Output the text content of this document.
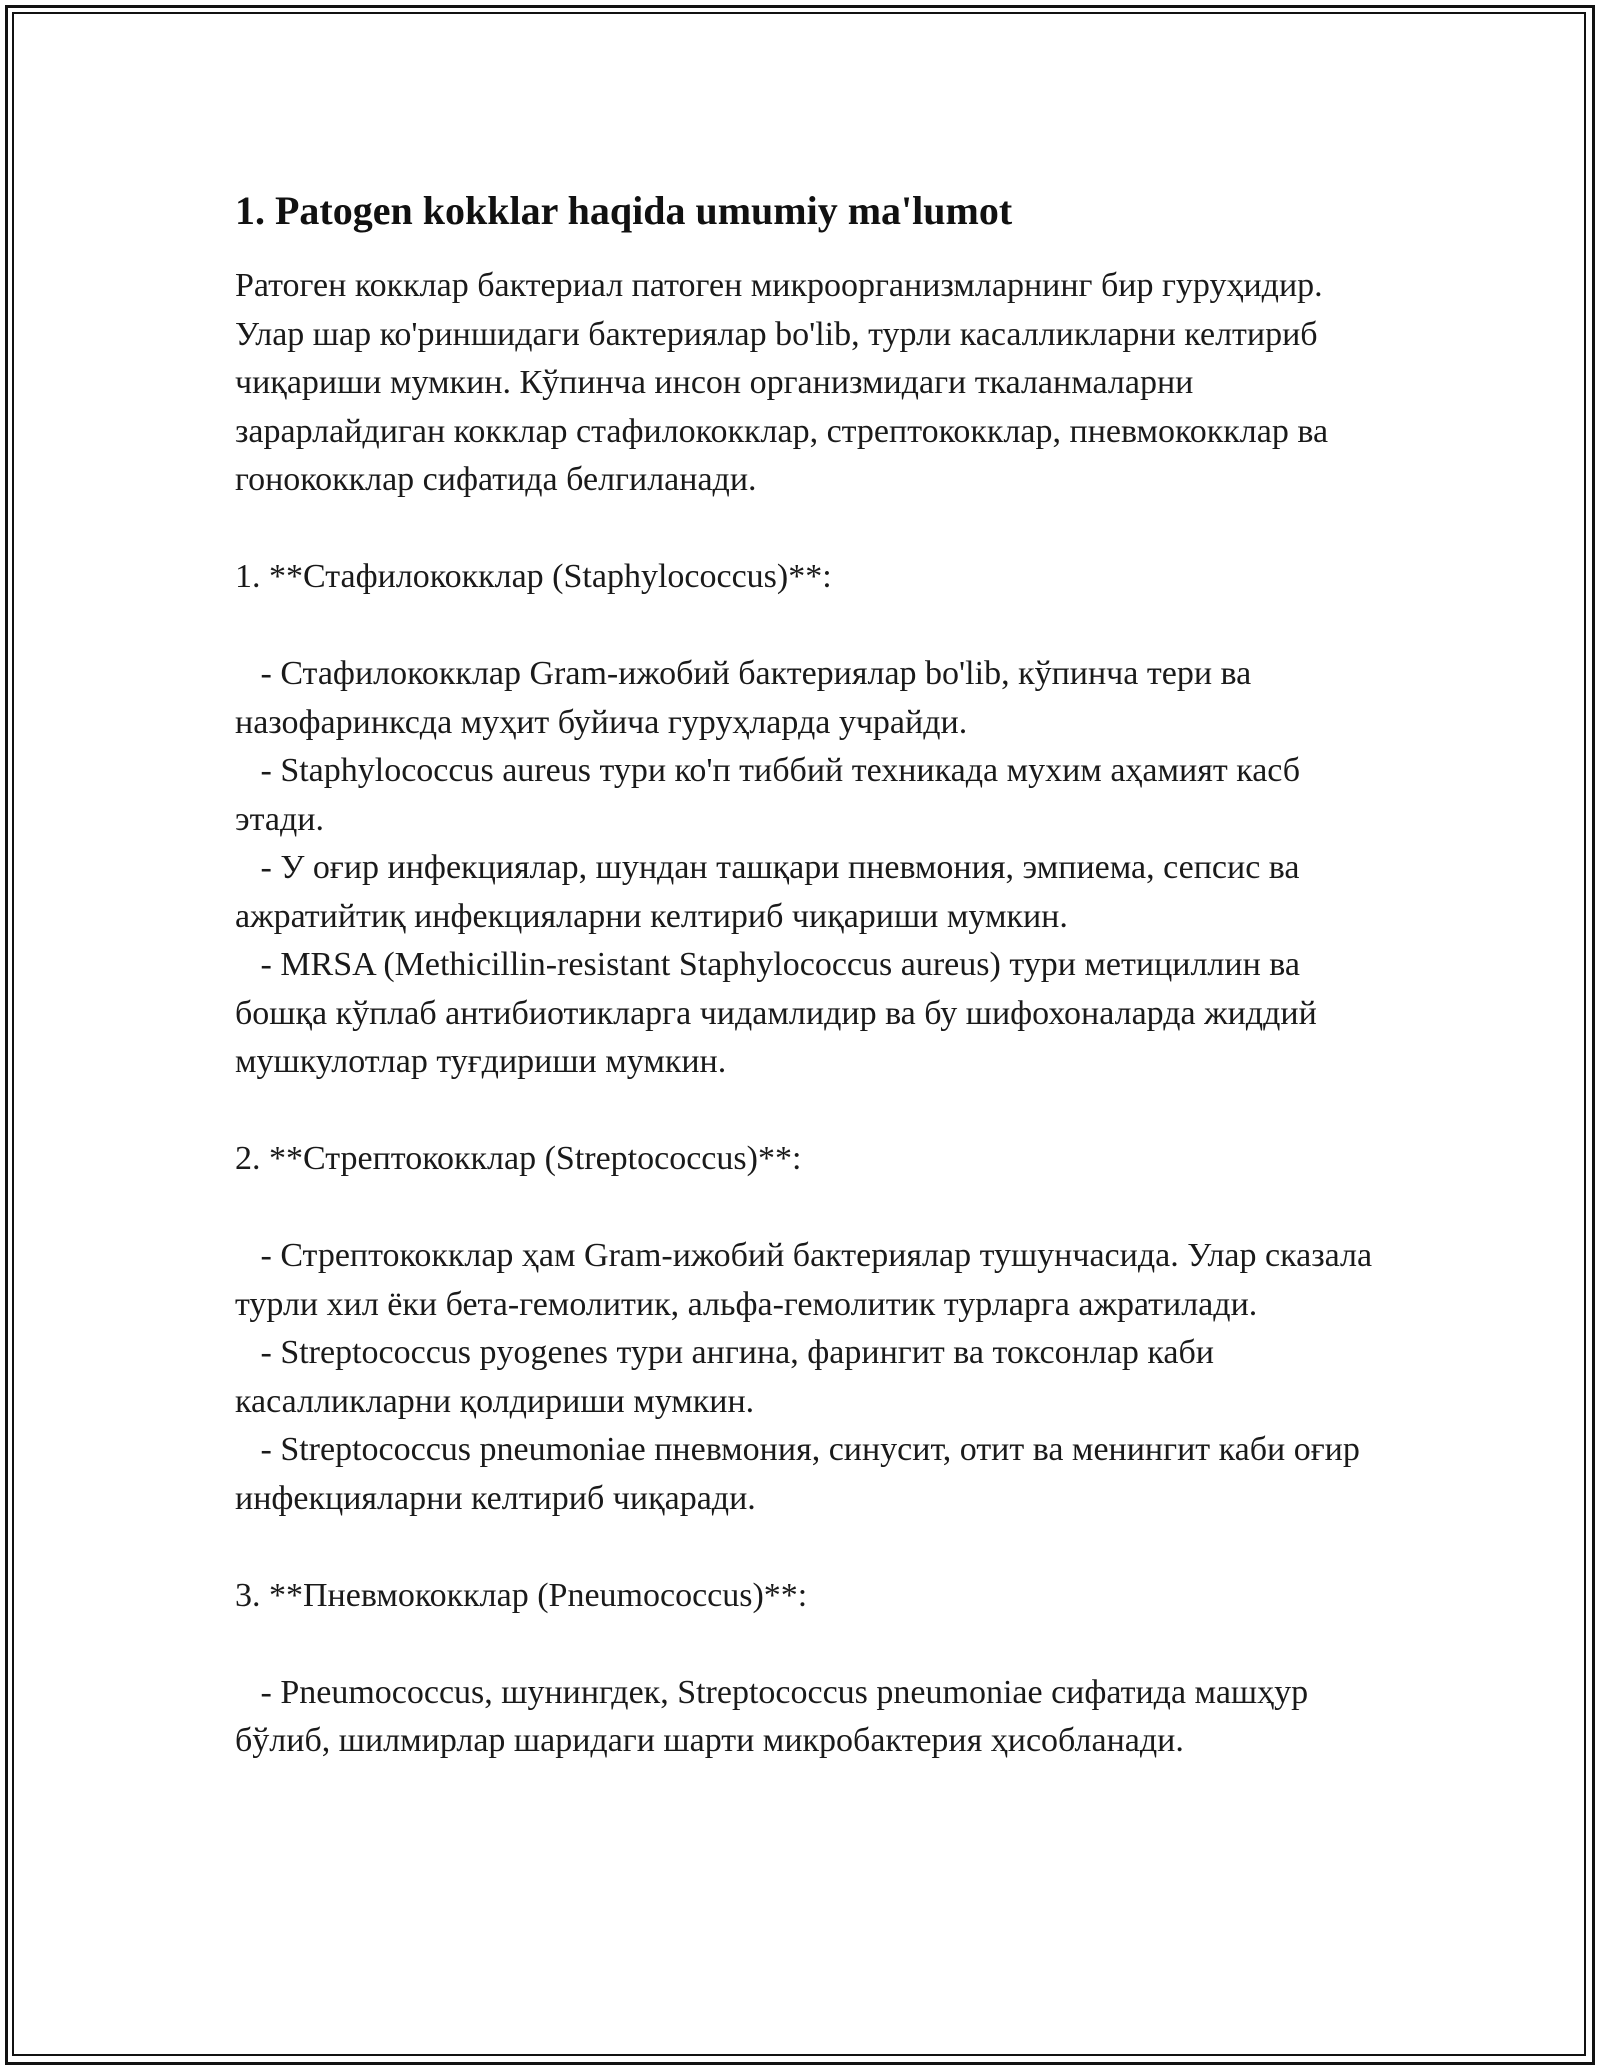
1. Patogen kokklar haqida umumiy ma'lumot

Ратоген кокклар бактериал патоген микроорганизмларнинг бир гуруҳидир. Улар шар ко'риншидаги бактериялар bo'lib, турли касалликларни келтириб чиқариши мумкин. Кўпинча инсон организмидаги ткаланмаларни зарарлайдиган кокклар стафилококклар, стрептококклар, пневмококклар ва гонококклар сифатида белгиланади.

1. **Стафилококклар (Staphylococcus)**:

- Стафилококклар Gram-ижобий бактериялар bo'lib, кўпинча тери ва назофаринксда муҳит буйича гуруҳларда учрайди.
- Staphylococcus aureus тури ко'п тиббий техникада мухим аҳамият касб этади.
- У оғир инфекциялар, шундан ташқари пневмония, эмпиема, сепсис ва ажратийтиқ инфекцияларни келтириб чиқариши мумкин.
- MRSA (Methicillin-resistant Staphylococcus aureus) тури метициллин ва бошқа кўплаб антибиотикларга чидамлидир ва бу шифохоналарда жиддий мушкулотлар туғдириши мумкин.

2. **Стрептококклар (Streptococcus)**:

- Стрептококклар ҳам Gram-ижобий бактериялар тушунчасида. Улар сказала турли хил ёки бета-гемолитик, альфа-гемолитик турларга ажратилади.
- Streptococcus pyogenes тури ангина, фарингит ва токсонлар каби касалликларни қолдириши мумкин.
- Streptococcus pneumoniae пневмония, синусит, отит ва менингит каби оғир инфекцияларни келтириб чиқаради.

3. **Пневмококклар (Pneumococcus)**:

- Pneumococcus, шунингдек, Streptococcus pneumoniae сифатида машҳур бўлиб, шилмирлар шаридаги шарти микробактерия ҳисобланади.
